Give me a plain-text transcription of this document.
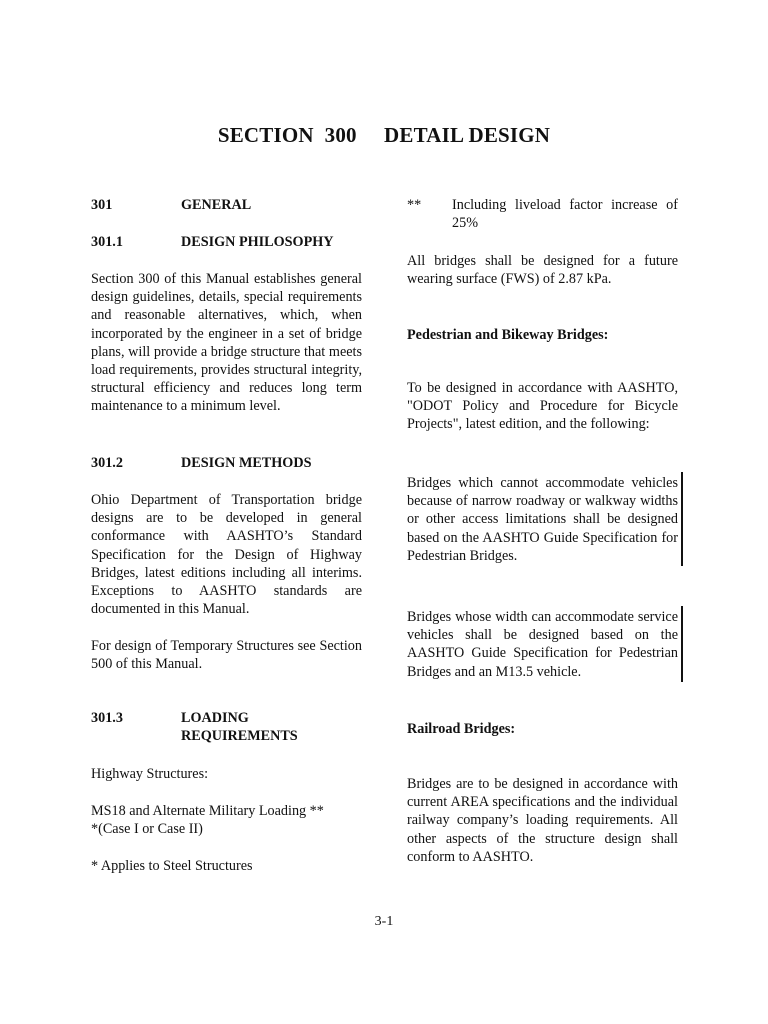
SECTION  300     DETAIL DESIGN
301	GENERAL
301.1	DESIGN PHILOSOPHY

Section 300 of this Manual establishes general design guidelines, details, special requirements and reasonable alternatives, which, when incorporated by the engineer in a set of bridge plans, will provide a bridge structure that meets load requirements, provides structural integrity, structural efficiency and reduces long term maintenance to a minimum level.

301.2	DESIGN METHODS

Ohio Department of Transportation bridge designs are to be developed in general conformance with AASHTO’s Standard Specification for the Design of Highway Bridges, latest editions including all interims. Exceptions to AASHTO standards are documented in this Manual.

For design of Temporary Structures see Section 500 of this Manual.

301.3	LOADING REQUIREMENTS

Highway Structures:

MS18 and Alternate Military Loading **
*(Case I or Case II)

* Applies to Steel Structures

**	Including liveload factor increase of 25%

All bridges shall be designed for a future wearing surface (FWS) of 2.87 kPa.

Pedestrian and Bikeway Bridges:

To be designed in accordance with AASHTO, "ODOT Policy and Procedure for Bicycle Projects", latest edition, and the following:

Bridges which cannot accommodate vehicles because of narrow roadway or walkway widths or other access limitations shall be designed based on the AASHTO Guide Specification for Pedestrian Bridges.

Bridges whose width can accommodate service vehicles shall be designed based on the AASHTO Guide Specification for Pedestrian Bridges and an M13.5 vehicle.

Railroad Bridges:

Bridges are to be designed in accordance with current AREA specifications and the individual railway company’s loading requirements. All other aspects of the structure design shall conform to AASHTO.

3-1
